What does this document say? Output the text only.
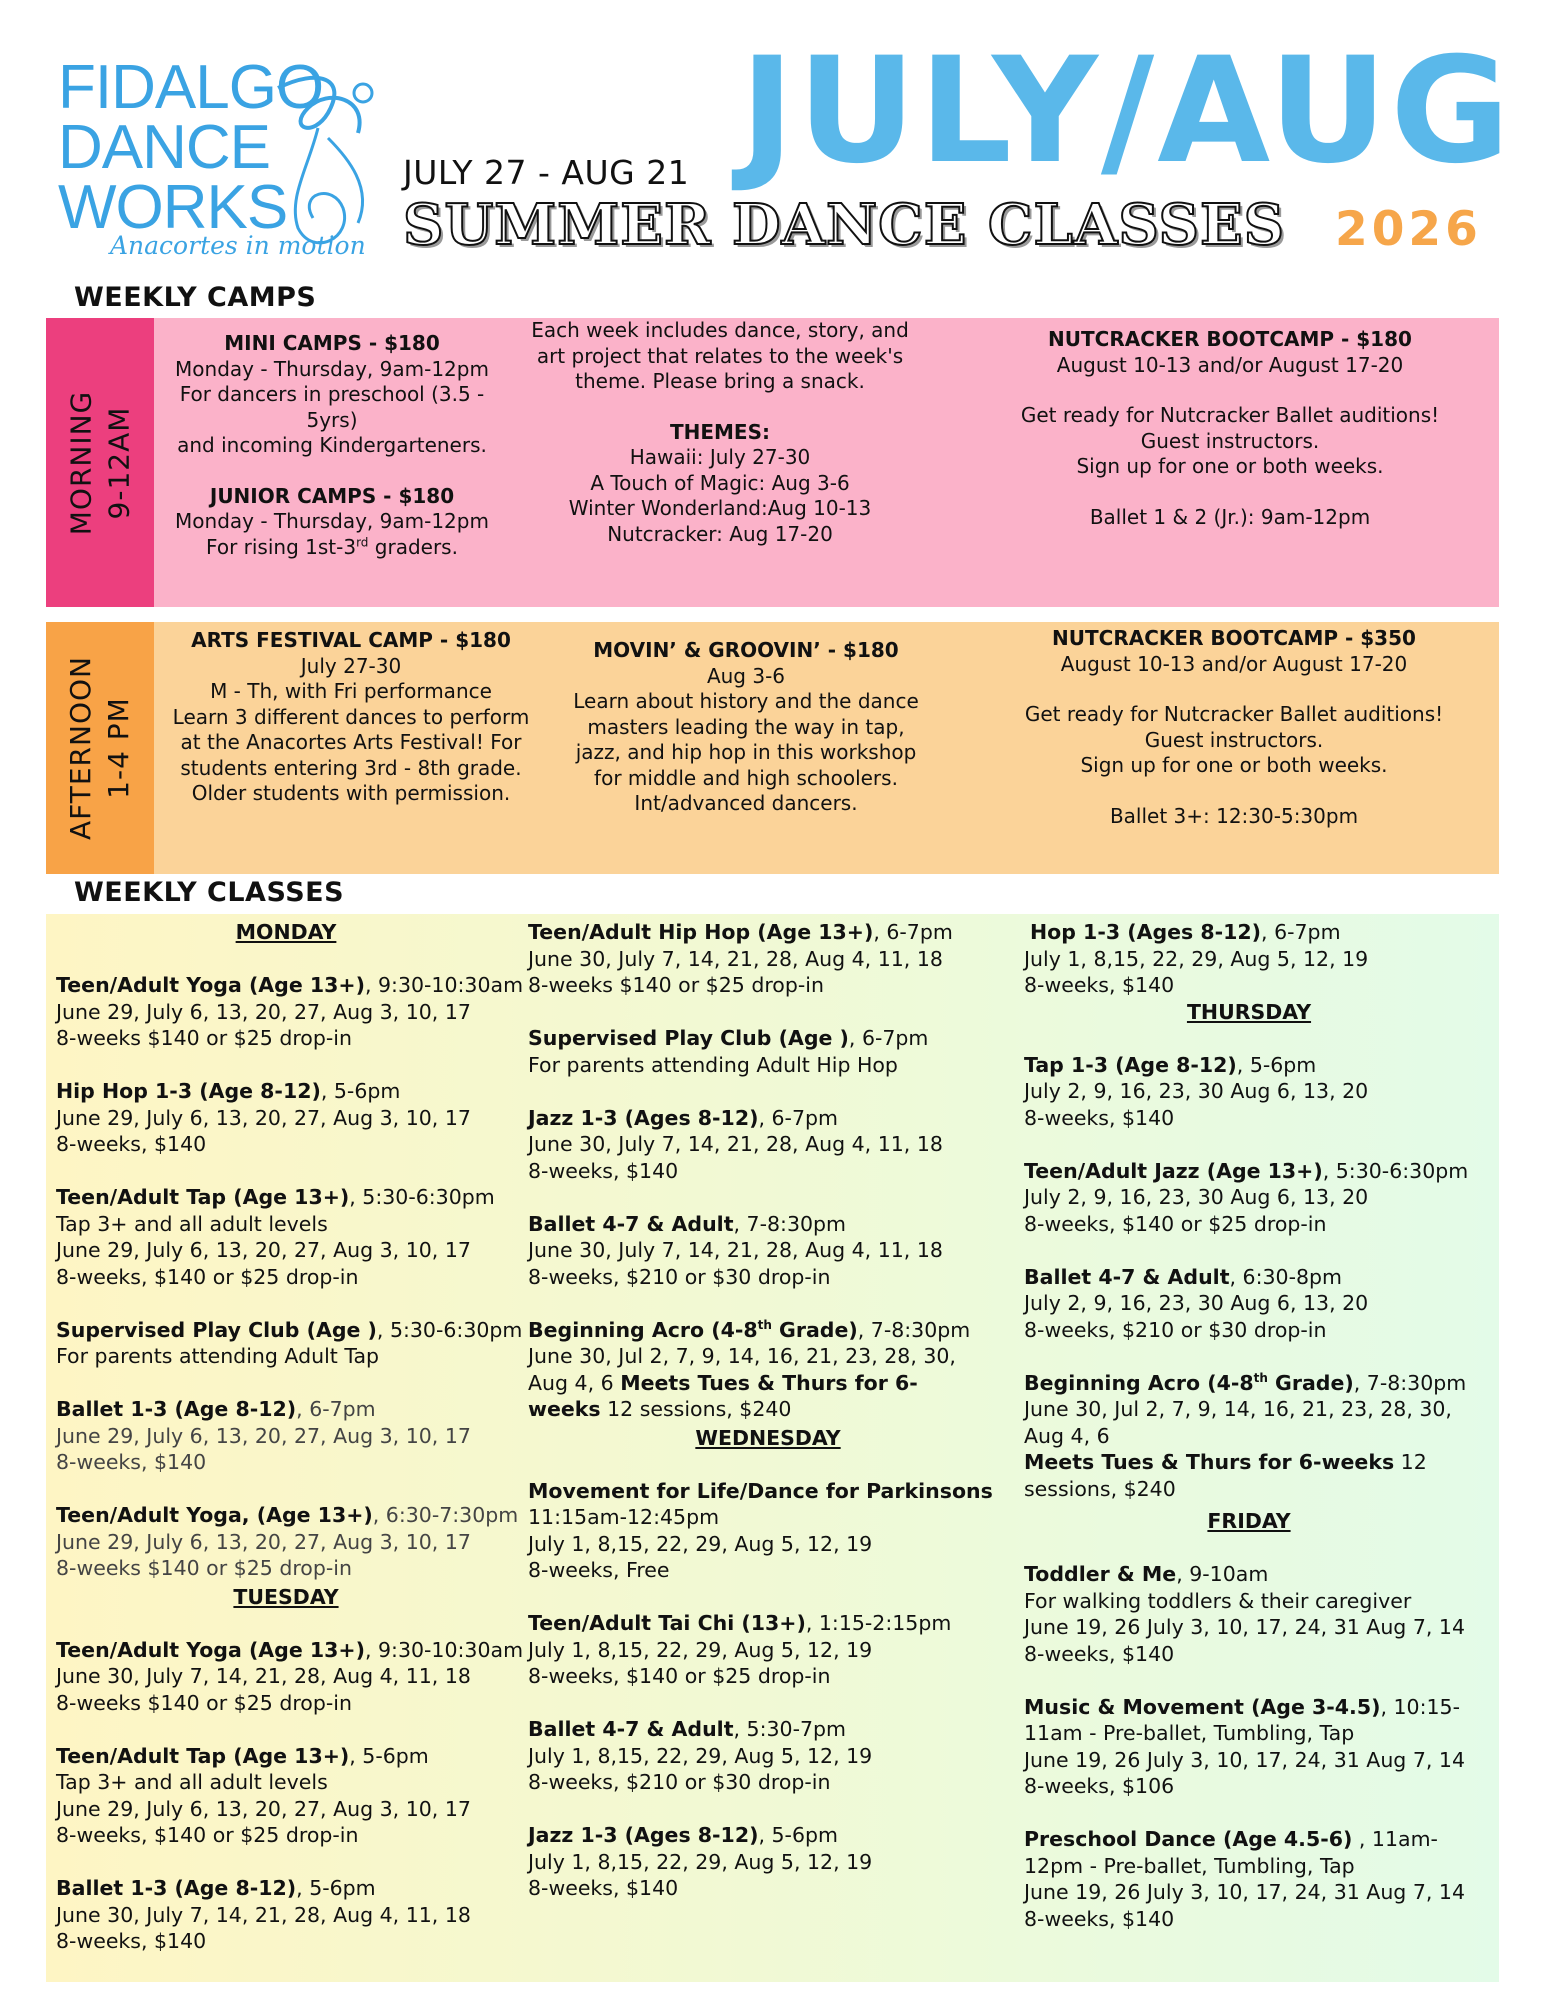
FIDALGO
DANCE
WORKS
Anacortes in motion
JULY 27 - AUG 21
SUMMER DANCE CLASSES
JULY/AUG
2026
WEEKLY CAMPS
MORNING 9-12AM
MINI CAMPS - $180
Monday - Thursday, 9am-12pm
For dancers in preschool (3.5 - 5yrs)
and incoming Kindergarteners.
JUNIOR CAMPS - $180
Monday - Thursday, 9am-12pm
For rising 1st-3rd graders.
Each week includes dance, story, and
art project that relates to the week's
theme. Please bring a snack.
THEMES:
Hawaii: July 27-30
A Touch of Magic: Aug 3-6
Winter Wonderland:Aug 10-13
Nutcracker: Aug 17-20
NUTCRACKER BOOTCAMP - $180
August 10-13 and/or August 17-20
Get ready for Nutcracker Ballet auditions!
Guest instructors.
Sign up for one or both weeks.
Ballet 1 & 2 (Jr.): 9am-12pm
AFTERNOON 1-4 PM
ARTS FESTIVAL CAMP - $180
July 27-30
M - Th, with Fri performance
Learn 3 different dances to perform
at the Anacortes Arts Festival! For
students entering 3rd - 8th grade.
Older students with permission.
MOVIN’ & GROOVIN’ - $180
Aug 3-6
Learn about history and the dance
masters leading the way in tap,
jazz, and hip hop in this workshop
for middle and high schoolers.
Int/advanced dancers.
NUTCRACKER BOOTCAMP - $350
August 10-13 and/or August 17-20
Get ready for Nutcracker Ballet auditions!
Guest instructors.
Sign up for one or both weeks.
Ballet 3+: 12:30-5:30pm
WEEKLY CLASSES
MONDAY
Teen/Adult Yoga (Age 13+), 9:30-10:30am
June 29, July 6, 13, 20, 27, Aug 3, 10, 17
8-weeks $140 or $25 drop-in
Hip Hop 1-3 (Age 8-12), 5-6pm
June 29, July 6, 13, 20, 27, Aug 3, 10, 17
8-weeks, $140
Teen/Adult Tap (Age 13+), 5:30-6:30pm
Tap 3+ and all adult levels
June 29, July 6, 13, 20, 27, Aug 3, 10, 17
8-weeks, $140 or $25 drop-in
Supervised Play Club (Age ), 5:30-6:30pm
For parents attending Adult Tap
Ballet 1-3 (Age 8-12), 6-7pm
June 29, July 6, 13, 20, 27, Aug 3, 10, 17
8-weeks, $140
Teen/Adult Yoga, (Age 13+), 6:30-7:30pm
June 29, July 6, 13, 20, 27, Aug 3, 10, 17
8-weeks $140 or $25 drop-in
TUESDAY
Teen/Adult Yoga (Age 13+), 9:30-10:30am
June 30, July 7, 14, 21, 28, Aug 4, 11, 18
8-weeks $140 or $25 drop-in
Teen/Adult Tap (Age 13+), 5-6pm
Tap 3+ and all adult levels
June 29, July 6, 13, 20, 27, Aug 3, 10, 17
8-weeks, $140 or $25 drop-in
Ballet 1-3 (Age 8-12), 5-6pm
June 30, July 7, 14, 21, 28, Aug 4, 11, 18
8-weeks, $140
Teen/Adult Hip Hop (Age 13+), 6-7pm
June 30, July 7, 14, 21, 28, Aug 4, 11, 18
8-weeks $140 or $25 drop-in
Supervised Play Club (Age ), 6-7pm
For parents attending Adult Hip Hop
Jazz 1-3 (Ages 8-12), 6-7pm
June 30, July 7, 14, 21, 28, Aug 4, 11, 18
8-weeks, $140
Ballet 4-7 & Adult, 7-8:30pm
June 30, July 7, 14, 21, 28, Aug 4, 11, 18
8-weeks, $210 or $30 drop-in
Beginning Acro (4-8th Grade), 7-8:30pm
June 30, Jul 2, 7, 9, 14, 16, 21, 23, 28, 30,
Aug 4, 6 Meets Tues & Thurs for 6-
weeks 12 sessions, $240
WEDNESDAY
Movement for Life/Dance for Parkinsons
11:15am-12:45pm
July 1, 8,15, 22, 29, Aug 5, 12, 19
8-weeks, Free
Teen/Adult Tai Chi (13+), 1:15-2:15pm
July 1, 8,15, 22, 29, Aug 5, 12, 19
8-weeks, $140 or $25 drop-in
Ballet 4-7 & Adult, 5:30-7pm
July 1, 8,15, 22, 29, Aug 5, 12, 19
8-weeks, $210 or $30 drop-in
Jazz 1-3 (Ages 8-12), 5-6pm
July 1, 8,15, 22, 29, Aug 5, 12, 19
8-weeks, $140
Hop 1-3 (Ages 8-12), 6-7pm
July 1, 8,15, 22, 29, Aug 5, 12, 19
8-weeks, $140
THURSDAY
Tap 1-3 (Age 8-12), 5-6pm
July 2, 9, 16, 23, 30 Aug 6, 13, 20
8-weeks, $140
Teen/Adult Jazz (Age 13+), 5:30-6:30pm
July 2, 9, 16, 23, 30 Aug 6, 13, 20
8-weeks, $140 or $25 drop-in
Ballet 4-7 & Adult, 6:30-8pm
July 2, 9, 16, 23, 30 Aug 6, 13, 20
8-weeks, $210 or $30 drop-in
Beginning Acro (4-8th Grade), 7-8:30pm
June 30, Jul 2, 7, 9, 14, 16, 21, 23, 28, 30,
Aug 4, 6
Meets Tues & Thurs for 6-weeks 12
sessions, $240
FRIDAY
Toddler & Me, 9-10am
For walking toddlers & their caregiver
June 19, 26 July 3, 10, 17, 24, 31 Aug 7, 14
8-weeks, $140
Music & Movement (Age 3-4.5), 10:15-
11am - Pre-ballet, Tumbling, Tap
June 19, 26 July 3, 10, 17, 24, 31 Aug 7, 14
8-weeks, $106
Preschool Dance (Age 4.5-6) , 11am-
12pm - Pre-ballet, Tumbling, Tap
June 19, 26 July 3, 10, 17, 24, 31 Aug 7, 14
8-weeks, $140
